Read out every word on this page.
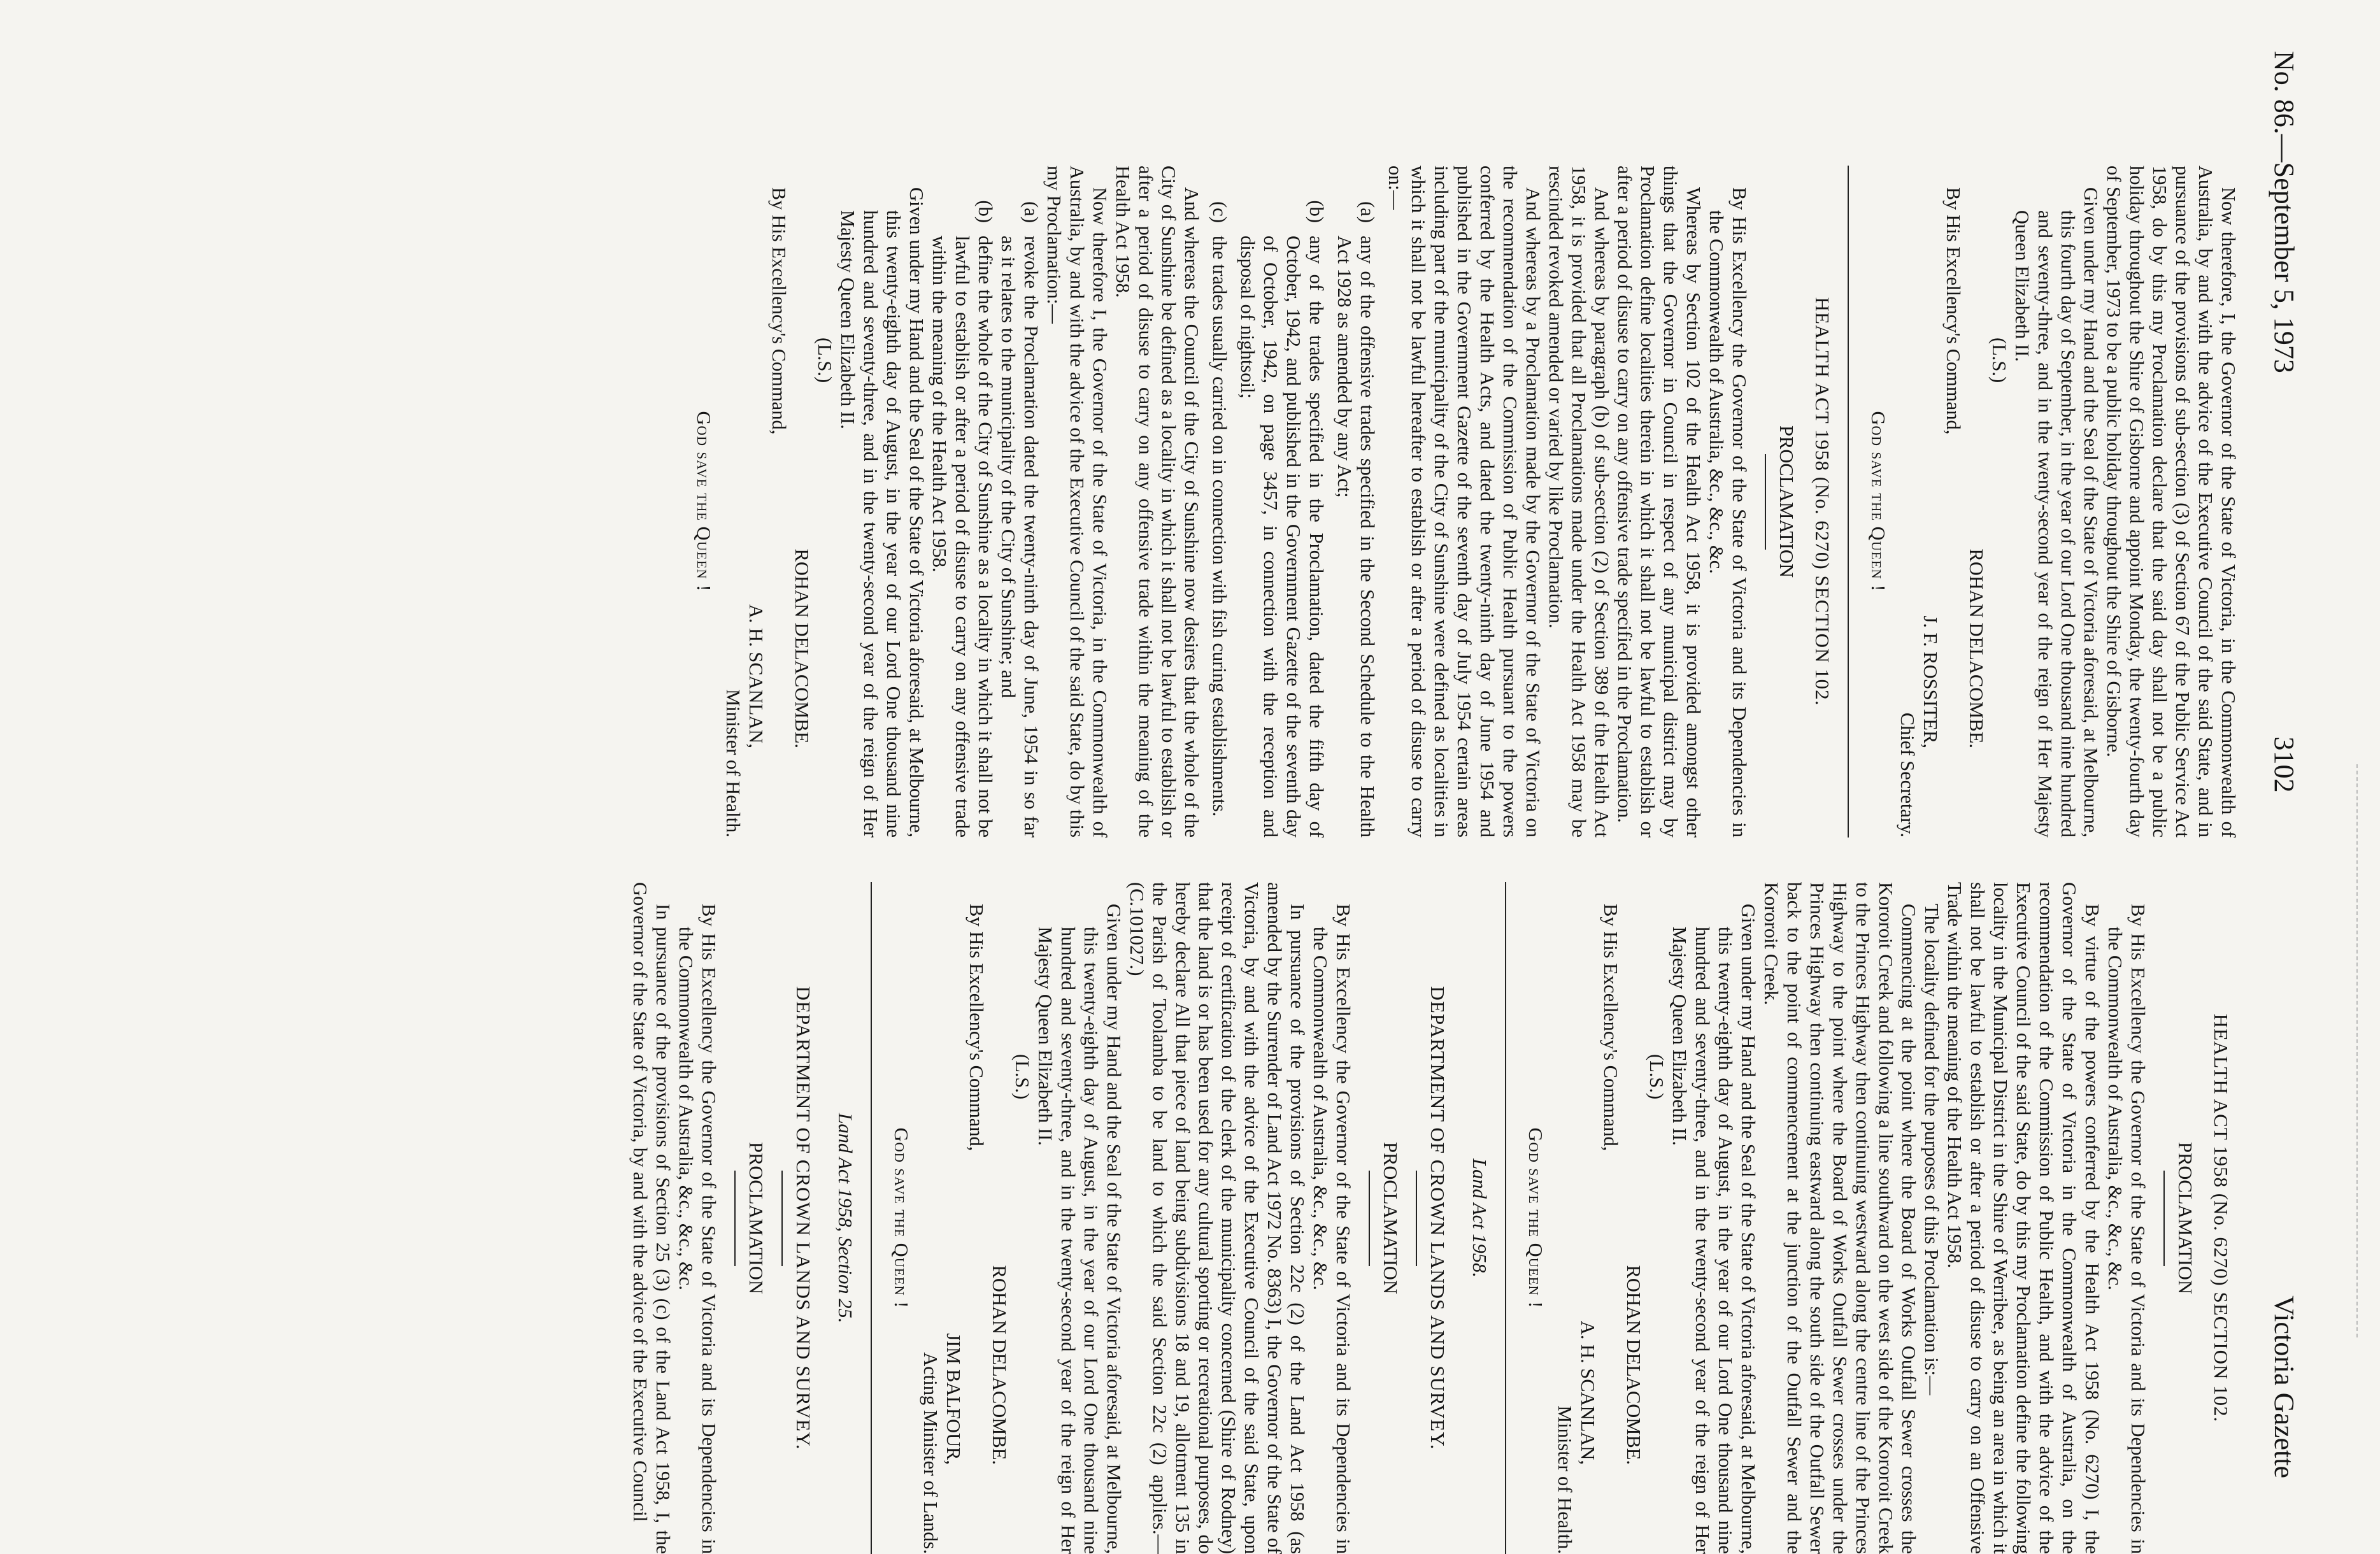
No. 86.—September 5, 1973
3102
Victoria Gazette

Now therefore, I, the Governor of the State of Victoria, in the Commonwealth of Australia, by and with the advice of the Executive Council of the said State, and in pursuance of the provisions of sub-section (3) of Section 67 of the Public Service Act 1958, do by this my Proclamation declare that the said day shall not be a public holiday throughout the Shire of Gisborne and appoint Monday, the twenty-fourth day of September, 1973 to be a public holiday throughout the Shire of Gisborne.

Given under my Hand and the Seal of the State of Victoria aforesaid, at Melbourne, this fourth day of September, in the year of our Lord One thousand nine hundred and seventy-three, and in the twenty-second year of the reign of Her Majesty Queen Elizabeth II.

(L.S.)

ROHAN DELACOMBE.

By His Excellency's Command,

J. F. ROSSITER,

Chief Secretary.

God save the Queen !

HEALTH ACT 1958 (No. 6270) SECTION 102.

PROCLAMATION

By His Excellency the Governor of the State of Victoria and its Dependencies in the Commonwealth of Australia, &c., &c., &c.

Whereas by Section 102 of the Health Act 1958, it is provided amongst other things that the Governor in Council in respect of any municipal district may by Proclamation define localities therein in which it shall not be lawful to establish or after a period of disuse to carry on any offensive trade specified in the Proclamation.

And whereas by paragraph (b) of sub-section (2) of Section 389 of the Health Act 1958, it is provided that all Proclamations made under the Health Act 1958 may be rescinded revoked amended or varied by like Proclamation.

And whereas by a Proclamation made by the Governor of the State of Victoria on the recommendation of the Commission of Public Health pursuant to the powers conferred by the Health Acts, and dated the twenty-ninth day of June 1954 and published in the Government Gazette of the seventh day of July 1954 certain areas including part of the municipality of the City of Sunshine were defined as localities in which it shall not be lawful hereafter to establish or after a period of disuse to carry on:—

(a)
any of the offensive trades specified in the Second Schedule to the Health Act 1928 as amended by any Act;
(b)
any of the trades specified in the Proclamation, dated the fifth day of October, 1942, and published in the Government Gazette of the seventh day of October, 1942, on page 3457, in connection with the reception and disposal of nightsoil;
(c)
the trades usually carried on in connection with fish curing establishments.

And whereas the Council of the City of Sunshine now desires that the whole of the City of Sunshine be defined as a locality in which it shall not be lawful to establish or after a period of disuse to carry on any offensive trade within the meaning of the Health Act 1958.

Now therefore I, the Governor of the State of Victoria, in the Commonwealth of Australia, by and with the advice of the Executive Council of the said State, do by this my Proclamation:—

(a)
revoke the Proclamation dated the twenty-ninth day of June, 1954 in so far as it relates to the municipality of the City of Sunshine; and
(b)
define the whole of the City of Sunshine as a locality in which it shall not be lawful to establish or after a period of disuse to carry on any offensive trade within the meaning of the Health Act 1958.

Given under my Hand and the Seal of the State of Victoria aforesaid, at Melbourne, this twenty-eighth day of August, in the year of our Lord One thousand nine hundred and seventy-three, and in the twenty-second year of the reign of Her Majesty Queen Elizabeth II.

(L.S.)

ROHAN DELACOMBE.

By His Excellency's Command,

A. H. SCANLAN,

Minister of Health.

God save the Queen !

HEALTH ACT 1958 (No. 6270) SECTION 102.

PROCLAMATION

By His Excellency the Governor of the State of Victoria and its Dependencies in the Commonwealth of Australia, &c., &c., &c.

By virtue of the powers conferred by the Health Act 1958 (No. 6270) I, the Governor of the State of Victoria in the Commonwealth of Australia, on the recommendation of the Commission of Public Health, and with the advice of the Executive Council of the said State, do by this my Proclamation define the following locality in the Municipal District in the Shire of Werribee, as being an area in which it shall not be lawful to establish or after a period of disuse to carry on an Offensive Trade within the meaning of the Health Act 1958.

The locality defined for the purposes of this Proclamation is:—

Commencing at the point where the Board of Works Outfall Sewer crosses the Kororoit Creek and following a line southward on the west side of the Kororoit Creek to the Princes Highway then continuing westward along the centre line of the Princes Highway to the point where the Board of Works Outfall Sewer crosses under the Princes Highway then continuing eastward along the south side of the Outfall Sewer back to the point of commencement at the junction of the Outfall Sewer and the Kororoit Creek.

Given under my Hand and the Seal of the State of Victoria aforesaid, at Melbourne, this twenty-eighth day of August, in the year of our Lord One thousand nine hundred and seventy-three, and in the twenty-second year of the reign of Her Majesty Queen Elizabeth II.

(L.S.)

ROHAN DELACOMBE.

By His Excellency's Command,

A. H. SCANLAN,

Minister of Health.

God save the Queen !

Land Act 1958.

DEPARTMENT OF CROWN LANDS AND SURVEY.

PROCLAMATION

By His Excellency the Governor of the State of Victoria and its Dependencies in the Commonwealth of Australia, &c., &c., &c.

In pursuance of the provisions of Section 22c (2) of the Land Act 1958 (as amended by the Surrender of Land Act 1972 No. 8363) I, the Governor of the State of Victoria, by and with the advice of the Executive Council of the said State, upon receipt of certification of the clerk of the municipality concerned (Shire of Rodney) that the land is or has been used for any cultural sporting or recreational purposes, do hereby declare All that piece of land being subdivisions 18 and 19, allotment 135 in the Parish of Toolamba to be land to which the said Section 22c (2) applies.—(C.101027.)

Given under my Hand and the Seal of the State of Victoria aforesaid, at Melbourne, this twenty-eighth day of August, in the year of our Lord One thousand nine hundred and seventy-three, and in the twenty-second year of the reign of Her Majesty Queen Elizabeth II.

(L.S.)

ROHAN DELACOMBE.

By His Excellency's Command,

JIM BALFOUR,

Acting Minister of Lands.

God save the Queen !

Land Act 1958, Section 25.

DEPARTMENT OF CROWN LANDS AND SURVEY.

PROCLAMATION

By His Excellency the Governor of the State of Victoria and its Dependencies in the Commonwealth of Australia, &c., &c., &c.

In pursuance of the provisions of Section 25 (3) (c) of the Land Act 1958, I, the Governor of the State of Victoria, by and with the advice of the Executive Council
